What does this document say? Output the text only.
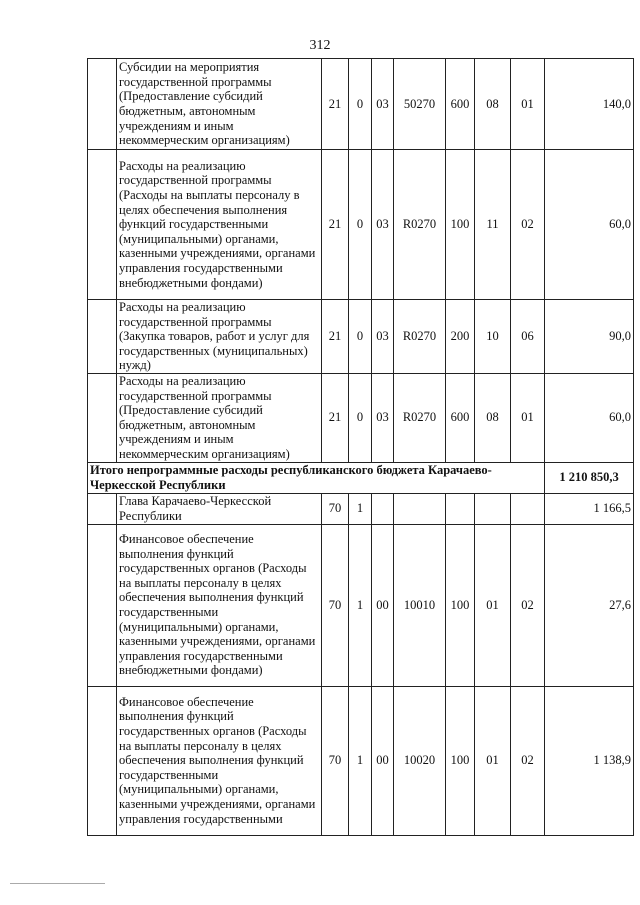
312
	Субсидии на мероприятия государственной программы (Предоставление субсидий бюджетным, автономным учреждениям и иным некоммерческим организациям)	21	0	03	50270	600	08	01	140,0
	Расходы на реализацию государственной программы (Расходы на выплаты персоналу в целях обеспечения выполнения функций государственными (муниципальными) органами, казенными учреждениями, органами управления государственными внебюджетными фондами)	21	0	03	R0270	100	11	02	60,0
	Расходы на реализацию государственной программы (Закупка товаров, работ и услуг для государственных (муниципальных) нужд)	21	0	03	R0270	200	10	06	90,0
	Расходы на реализацию государственной программы (Предоставление субсидий бюджетным, автономным учреждениям и иным некоммерческим организациям)	21	0	03	R0270	600	08	01	60,0
Итого непрограммные расходы республиканского бюджета Карачаево-Черкесской Республики									1 210 850,3
	Глава Карачаево-Черкесской Республики	70	1						1 166,5
	Финансовое обеспечение выполнения функций государственных органов (Расходы на выплаты персоналу в целях обеспечения выполнения функций государственными (муниципальными) органами, казенными учреждениями, органами управления государственными внебюджетными фондами)	70	1	00	10010	100	01	02	27,6
	Финансовое обеспечение выполнения функций государственных органов (Расходы на выплаты персоналу в целях обеспечения выполнения функций государственными (муниципальными) органами, казенными учреждениями, органами управления государственными	70	1	00	10020	100	01	02	1 138,9
